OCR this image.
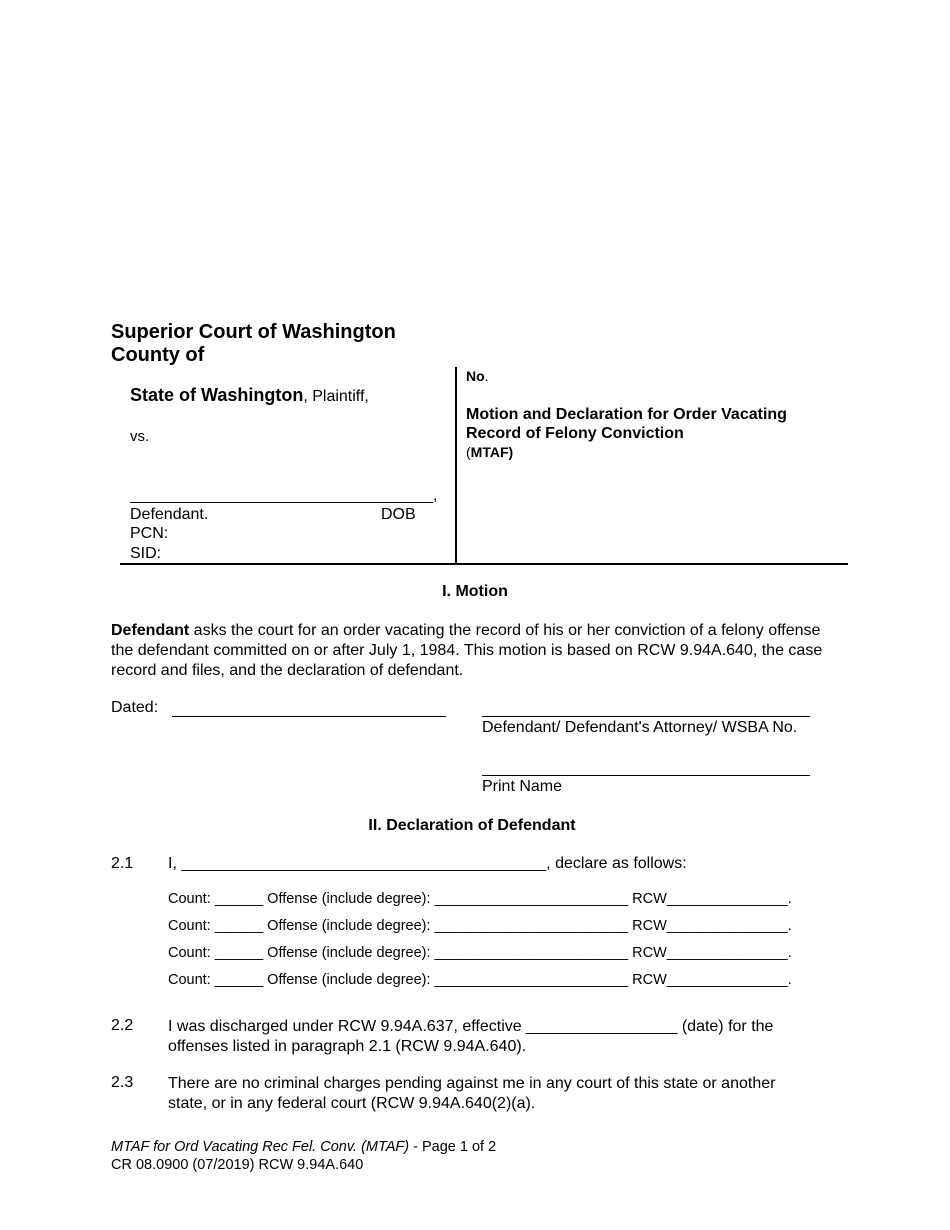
Superior Court of Washington
County of
State of Washington, Plaintiff,
vs.
,
Defendant.	DOB
PCN:
SID:
No.
Motion and Declaration for Order Vacating
Record of Felony Conviction
(MTAF)
I. Motion
Defendant asks the court for an order vacating the record of his or her conviction of a felony offense the defendant committed on or after July 1, 1984. This motion is based on RCW 9.94A.640, the case record and files, and the declaration of defendant.
Dated:
Defendant/ Defendant's Attorney/ WSBA No.
Print Name
II. Declaration of Defendant
2.1 I, _________________________________________, declare as follows:
Count: ______ Offense (include degree): ________________________ RCW_______________.
Count: ______ Offense (include degree): ________________________ RCW_______________.
Count: ______ Offense (include degree): ________________________ RCW_______________.
Count: ______ Offense (include degree): ________________________ RCW_______________.
2.2 I was discharged under RCW 9.94A.637, effective _________________ (date) for the
offenses listed in paragraph 2.1 (RCW 9.94A.640).
2.3 There are no criminal charges pending against me in any court of this state or another
state, or in any federal court (RCW 9.94A.640(2)(a).
MTAF for Ord Vacating Rec Fel. Conv. (MTAF) - Page 1 of 2
CR 08.0900 (07/2019) RCW 9.94A.640
